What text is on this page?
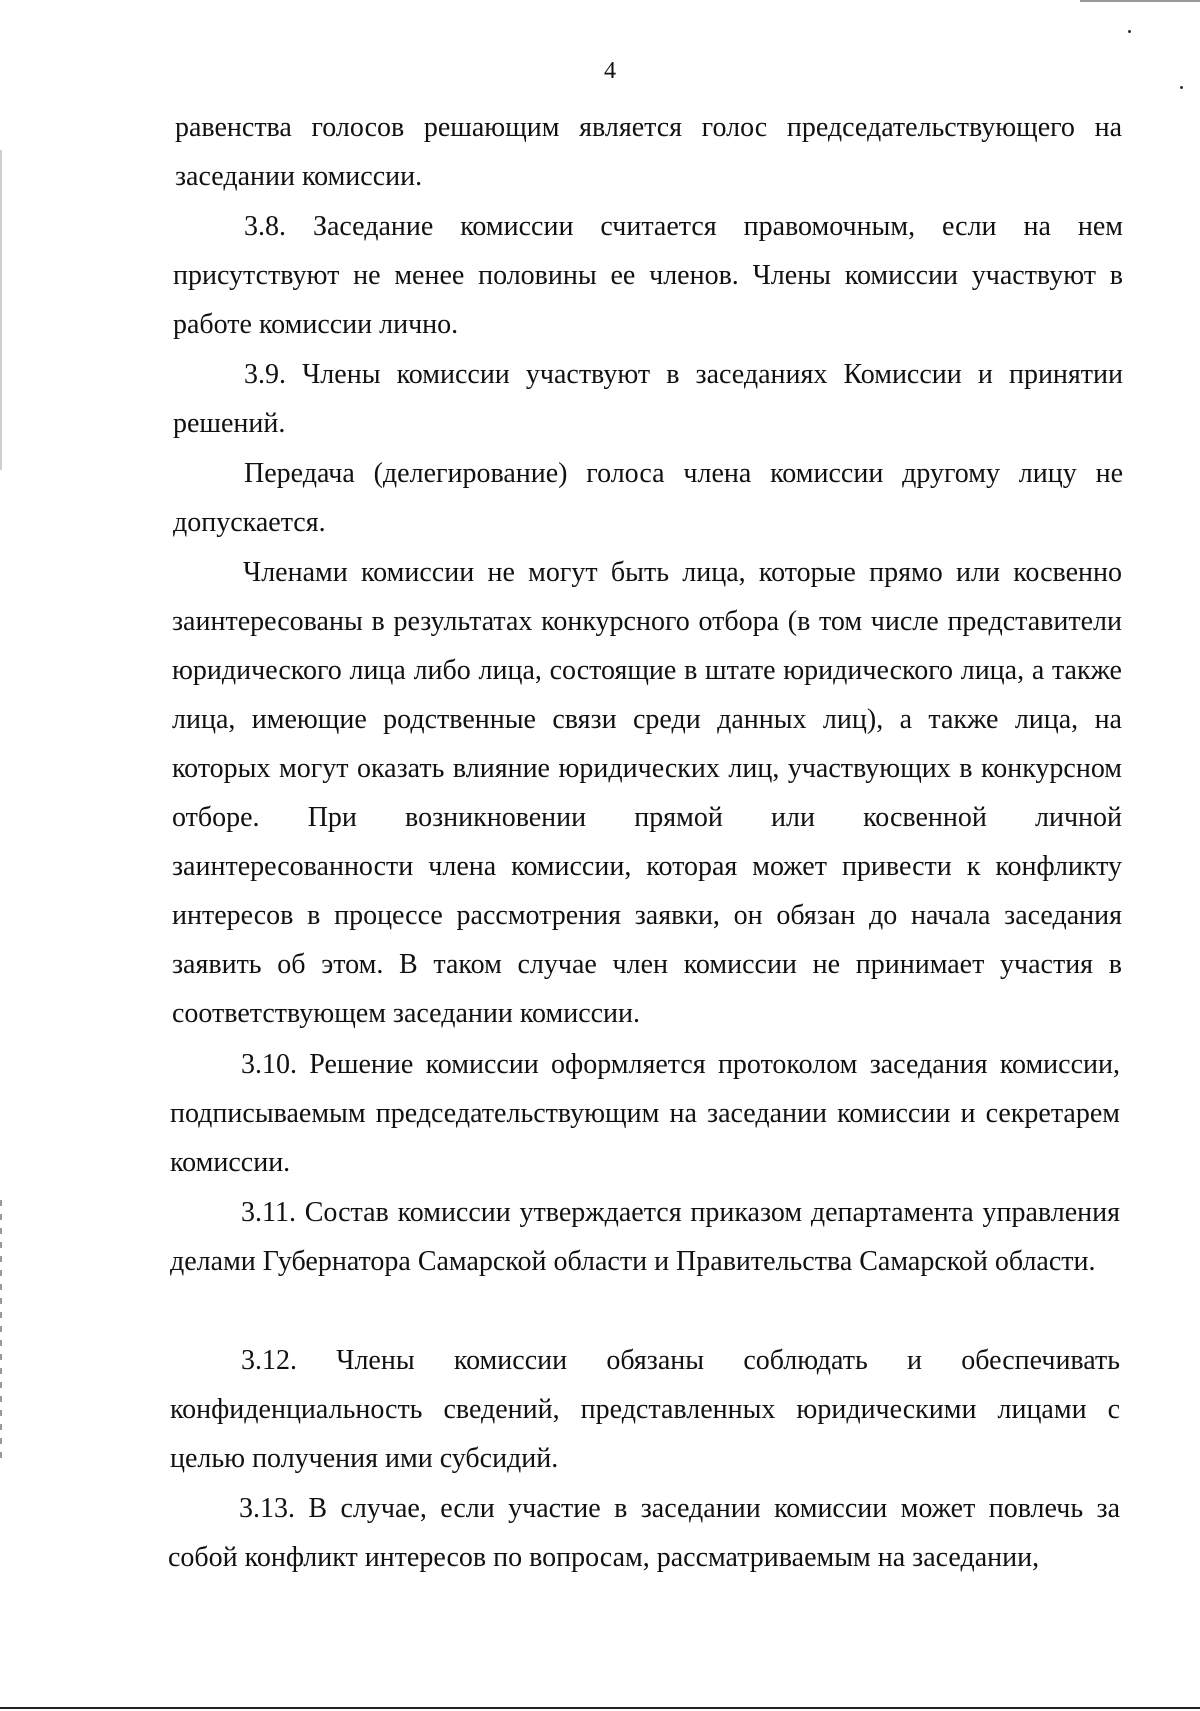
4

равенства голосов решающим является голос председательствующего на заседании комиссии.

3.8. Заседание комиссии считается правомочным, если на нем присутствуют не менее половины ее членов. Члены комиссии участвуют в работе комиссии лично.

3.9. Члены комиссии участвуют в заседаниях Комиссии и принятии решений.

Передача (делегирование) голоса члена комиссии другому лицу не допускается.

Членами комиссии не могут быть лица, которые прямо или косвенно заинтересованы в результатах конкурсного отбора (в том числе представители юридического лица либо лица, состоящие в штате юридического лица, а также лица, имеющие родственные связи среди данных лиц), а также лица, на которых могут оказать влияние юридических лиц, участвующих в конкурсном отборе. При возникновении прямой или косвенной личной заинтересованности члена комиссии, которая может привести к конфликту интересов в процессе рассмотрения заявки, он обязан до начала заседания заявить об этом. В таком случае член комиссии не принимает участия в соответствующем заседании комиссии.

3.10. Решение комиссии оформляется протоколом заседания комиссии, подписываемым председательствующим на заседании комиссии и секретарем комиссии.

3.11. Состав комиссии утверждается приказом департамента управления делами Губернатора Самарской области и Правительства Самарской области.

3.12. Члены комиссии обязаны соблюдать и обеспечивать конфиденциальность сведений, представленных юридическими лицами с целью получения ими субсидий.

3.13. В случае, если участие в заседании комиссии может повлечь за собой конфликт интересов по вопросам, рассматриваемым на заседании,
